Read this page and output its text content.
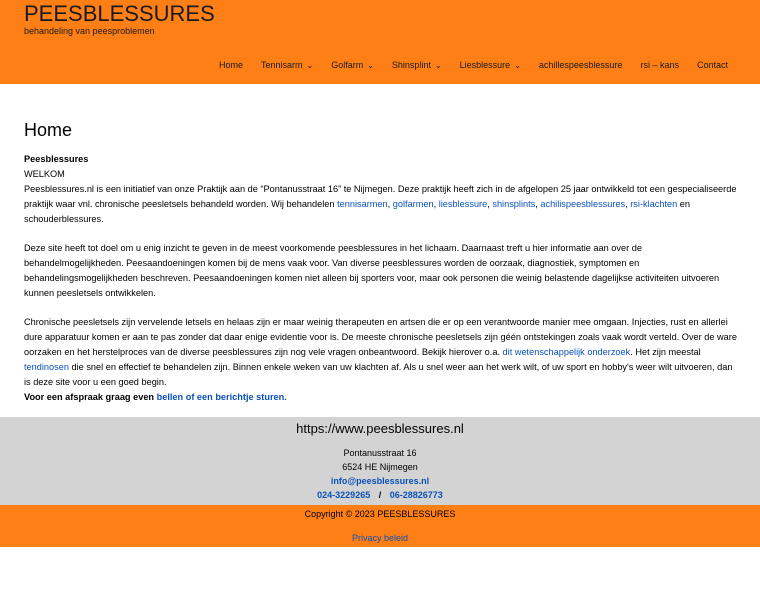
PEESBLESSURES
behandeling van peesproblemen
Home Tennisarm ⌄ Golfarm ⌄ Shinsplint ⌄ Liesblessure ⌄ achillespeesblessure rsi – kans Contact
Home
Peesblessures
WELKOM

Peesblessures.nl is een initiatief van onze Praktijk aan de “Pontanusstraat 16” te Nijmegen. Deze praktijk heeft zich in de afgelopen 25 jaar ontwikkeld tot een gespecialiseerde praktijk waar vnl. chronische peesletsels behandeld worden. Wij behandelen tennisarmen, golfarmen, liesblessure, shinsplints, achilispeesblessures, rsi-klachten en schouderblessures.

Deze site heeft tot doel om u enig inzicht te geven in de meest voorkomende peesblessures in het lichaam. Daarnaast treft u hier informatie aan over de behandelmogelijkheden. Peesaandoeningen komen bij de mens vaak voor. Van diverse peesblessures worden de oorzaak, diagnostiek, symptomen en behandelingsmogelijkheden beschreven. Peesaandoeningen komen niet alleen bij sporters voor, maar ook personen die weinig belastende dagelijkse activiteiten uitvoeren kunnen peesletsels ontwikkelen.

Chronische peesletsels zijn vervelende letsels en helaas zijn er maar weinig therapeuten en artsen die er op een verantwoorde manier mee omgaan. Injecties, rust en allerlei dure apparatuur komen er aan te pas zonder dat daar enige evidentie voor is. De meeste chronische peesletsels zijn géén ontstekingen zoals vaak wordt verteld. Over de ware oorzaken en het herstelproces van de diverse peesblessures zijn nog vele vragen onbeantwoord. Bekijk hierover o.a. dit wetenschappelijk onderzoek. Het zijn meestal tendinosen die snel en effectief te behandelen zijn. Binnen enkele weken van uw klachten af. Als u snel weer aan het werk wilt, of uw sport en hobby's weer wilt uitvoeren, dan is deze site voor u een goed begin.

Voor een afspraak graag even bellen of een berichtje sturen.
https://www.peesblessures.nl
Pontanusstraat 16
6524 HE Nijmegen
info@peesblessures.nl
024-3229265 / 06-28826773
Copyright © 2023 PEESBLESSURES
Privacy beleid
